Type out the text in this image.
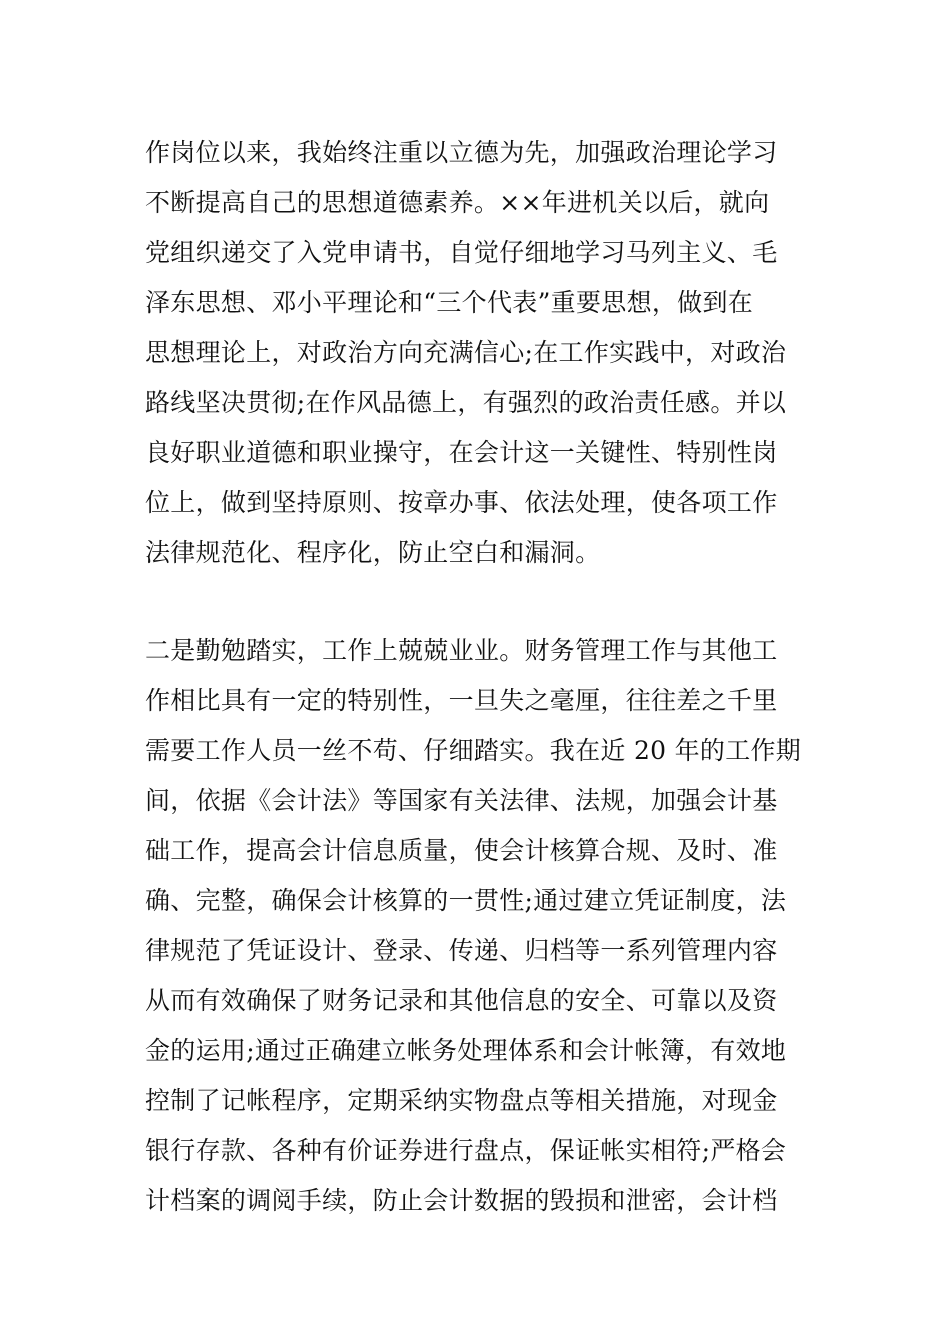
作岗位以来，我始终注重以立德为先，加强政治理论学习
不断提高自己的思想道德素养。××年进机关以后，就向
党组织递交了入党申请书，自觉仔细地学习马列主义、毛
泽东思想、邓小平理论和“三个代表”重要思想，做到在
思想理论上，对政治方向充满信心;在工作实践中，对政治
路线坚决贯彻;在作风品德上，有强烈的政治责任感。并以
良好职业道德和职业操守，在会计这一关键性、特别性岗
位上，做到坚持原则、按章办事、依法处理，使各项工作
法律规范化、程序化，防止空白和漏洞。
二是勤勉踏实，工作上兢兢业业。财务管理工作与其他工
作相比具有一定的特别性，一旦失之毫厘，往往差之千里
需要工作人员一丝不苟、仔细踏实。我在近 20 年的工作期
间，依据《会计法》等国家有关法律、法规，加强会计基
础工作，提高会计信息质量，使会计核算合规、及时、准
确、完整，确保会计核算的一贯性;通过建立凭证制度，法
律规范了凭证设计、登录、传递、归档等一系列管理内容
从而有效确保了财务记录和其他信息的安全、可靠以及资
金的运用;通过正确建立帐务处理体系和会计帐簿，有效地
控制了记帐程序，定期采纳实物盘点等相关措施，对现金
银行存款、各种有价证券进行盘点，保证帐实相符;严格会
计档案的调阅手续，防止会计数据的毁损和泄密，会计档
